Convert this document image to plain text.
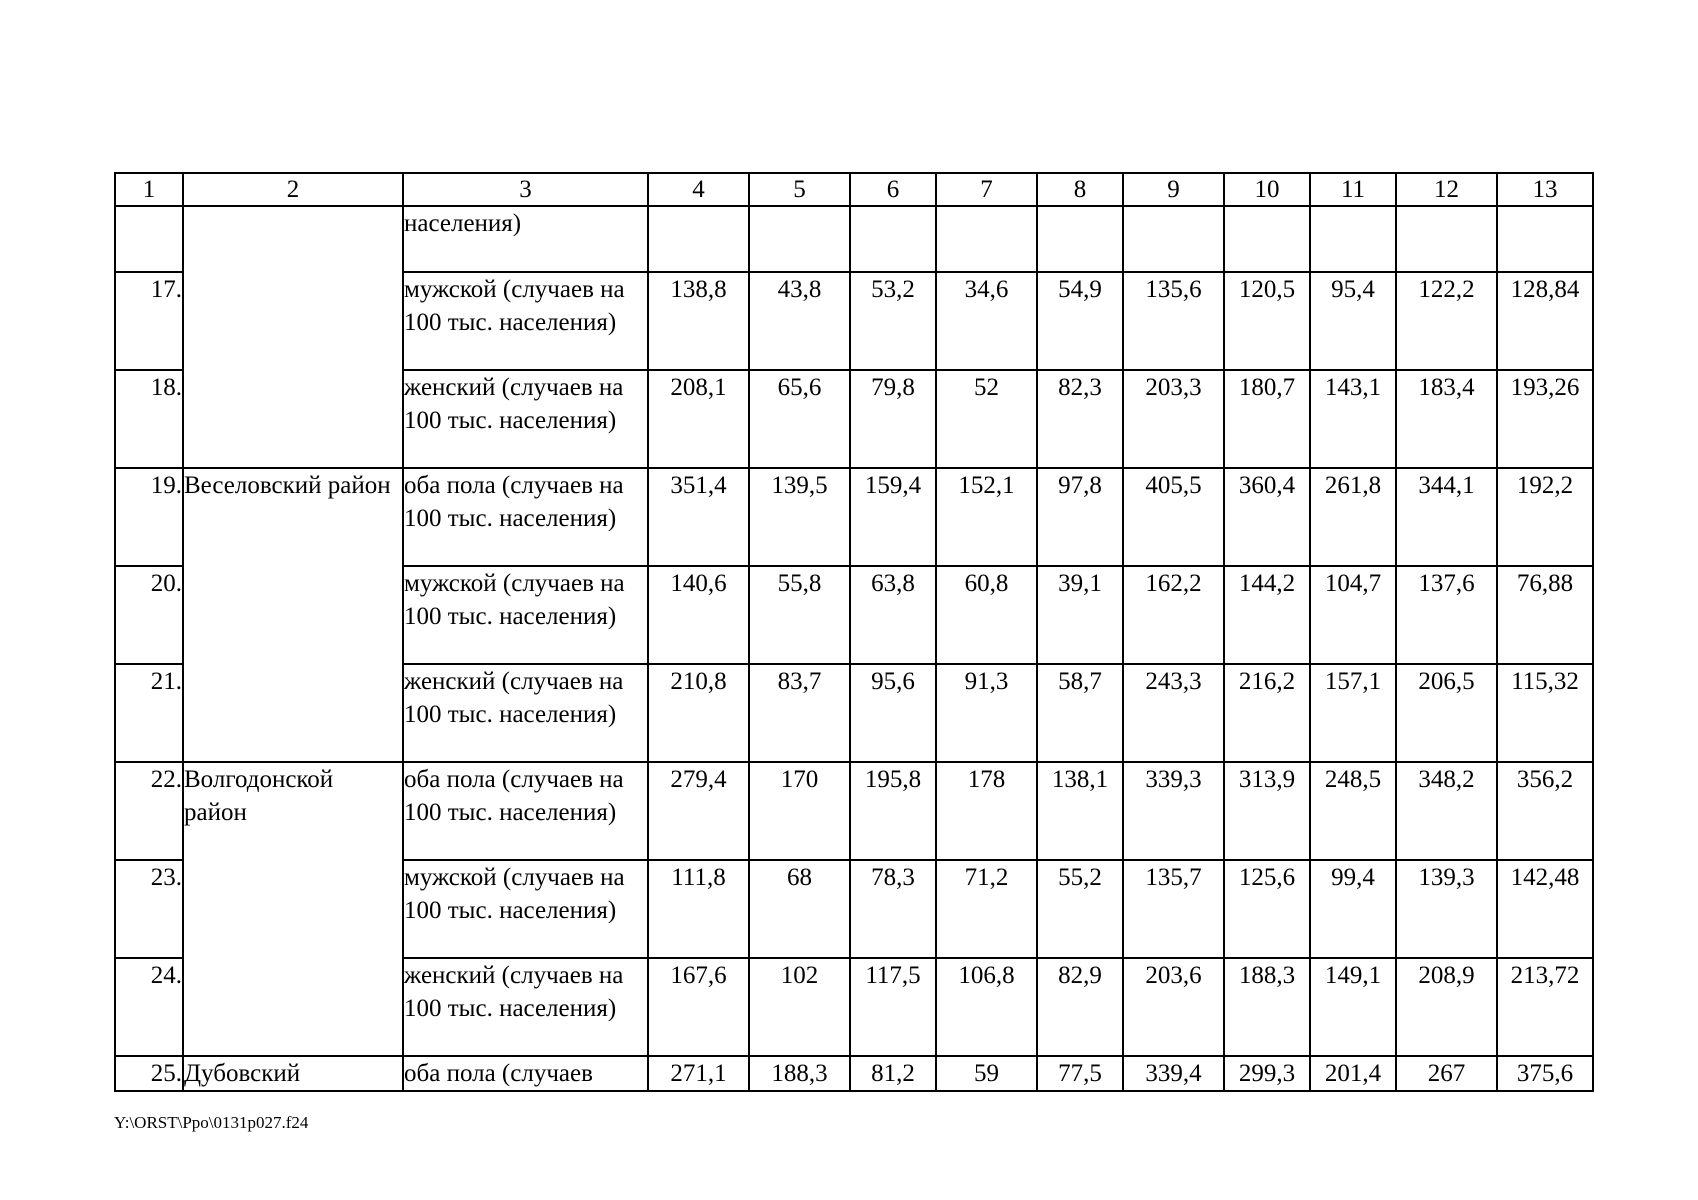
1	2	3	4	5	6	7	8	9	10	11	12	13
		населения)										
17.		мужской (случаев на 100 тыс. населения)	138,8	43,8	53,2	34,6	54,9	135,6	120,5	95,4	122,2	128,84
18.		женский (случаев на 100 тыс. населения)	208,1	65,6	79,8	52	82,3	203,3	180,7	143,1	183,4	193,26
19.	Веселовский район	оба пола (случаев на 100 тыс. населения)	351,4	139,5	159,4	152,1	97,8	405,5	360,4	261,8	344,1	192,2
20.		мужской (случаев на 100 тыс. населения)	140,6	55,8	63,8	60,8	39,1	162,2	144,2	104,7	137,6	76,88
21.		женский (случаев на 100 тыс. населения)	210,8	83,7	95,6	91,3	58,7	243,3	216,2	157,1	206,5	115,32
22.	Волгодонской район	оба пола (случаев на 100 тыс. населения)	279,4	170	195,8	178	138,1	339,3	313,9	248,5	348,2	356,2
23.		мужской (случаев на 100 тыс. населения)	111,8	68	78,3	71,2	55,2	135,7	125,6	99,4	139,3	142,48
24.		женский (случаев на 100 тыс. населения)	167,6	102	117,5	106,8	82,9	203,6	188,3	149,1	208,9	213,72
25.	Дубовский	оба пола (случаев	271,1	188,3	81,2	59	77,5	339,4	299,3	201,4	267	375,6
Y:\ORST\Ppo\0131p027.f24
